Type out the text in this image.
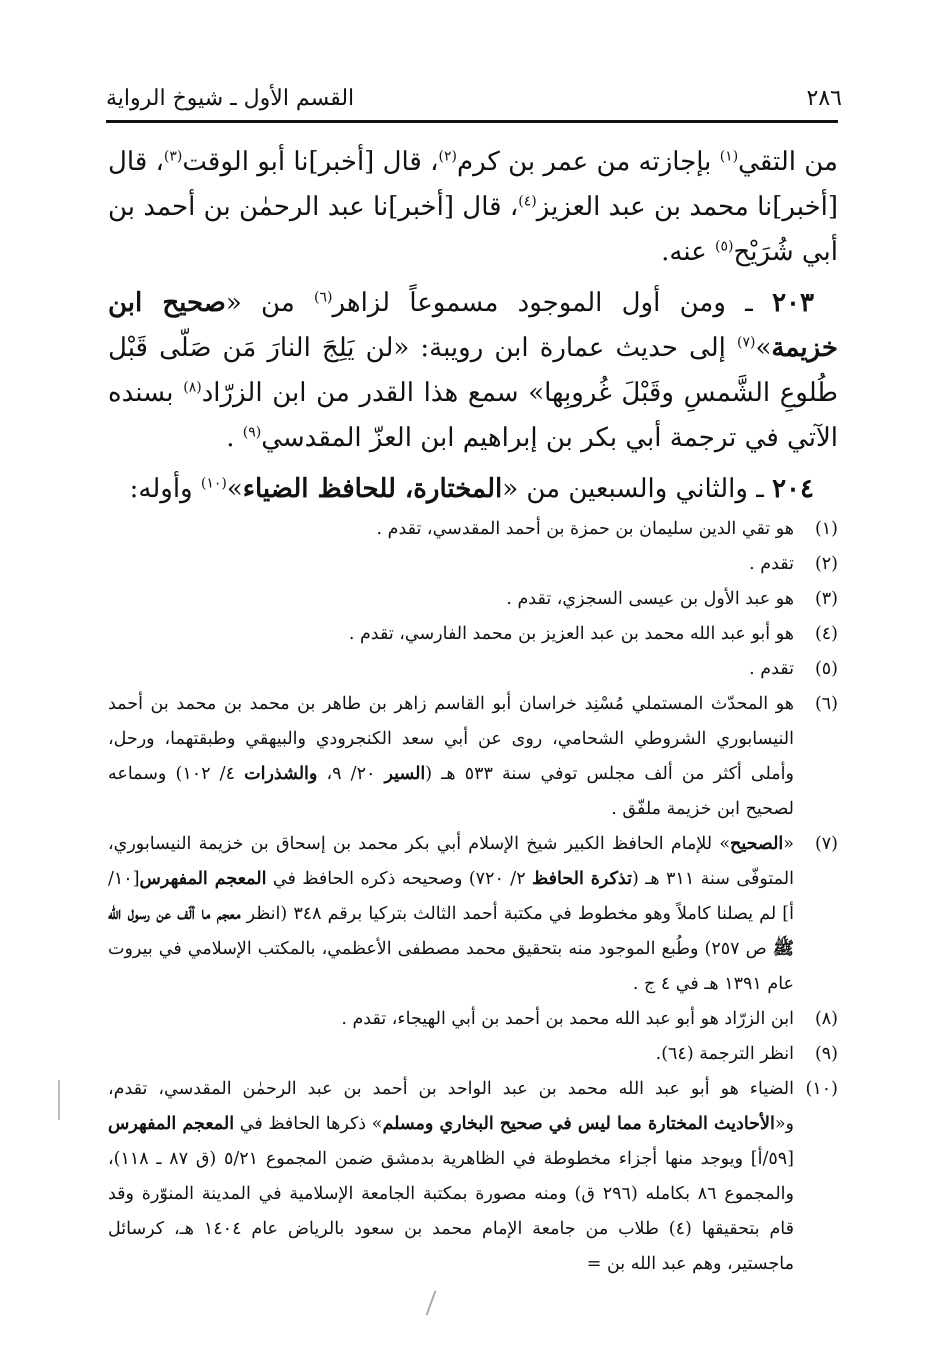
٢٨٦
القسم الأول ـ شيوخ الرواية

من التقي$^{(١)}$ بإجازته من عمر بن كرم$^{(٢)}$، قال [أخبر]نا أبو الوقت$^{(٣)}$، قال [أخبر]نا محمد بن عبد العزيز$^{(٤)}$، قال [أخبر]نا عبد الرحمٰن بن أحمد بن أبي شُرَيْح$^{(٥)}$ عنه.

٢٠٣ ـ ومن أول الموجود مسموعاً لزاهر$^{(٦)}$ من «صحيح ابن خزيمة»$^{(٧)}$ إلى حديث عمارة ابن رويبة: «لن يَلِجَ النارَ مَن صَلّى قَبْل طُلوعِ الشَّمسِ وقَبْلَ غُروبِها» سمع هذا القدر من ابن الزرّاد$^{(٨)}$ بسنده الآتي في ترجمة أبي بكر بن إبراهيم ابن العزّ المقدسي$^{(٩)}$ .

٢٠٤ ـ والثاني والسبعين من «المختارة، للحافظ الضياء»$^{(١٠)}$ وأوله:

(١)
هو تقي الدين سليمان بن حمزة بن أحمد المقدسي، تقدم .
(٢)
تقدم .
(٣)
هو عبد الأول بن عيسى السجزي، تقدم .
(٤)
هو أبو عبد الله محمد بن عبد العزيز بن محمد الفارسي، تقدم .
(٥)
تقدم .
(٦)
هو المحدّث المستملي مُسْنِد خراسان أبو القاسم زاهر بن طاهر بن محمد بن محمد بن أحمد النيسابوري الشروطي الشحامي، روى عن أبي سعد الكنجرودي والبيهقي وطبقتهما، ورحل، وأملى أكثر من ألف مجلس توفي سنة ٥٣٣ هـ (السير ٢٠/ ٩، والشذرات ٤/ ١٠٢) وسماعه لصحيح ابن خزيمة ملفّق .
(٧)
«الصحيح» للإمام الحافظ الكبير شيخ الإسلام أبي بكر محمد بن إسحاق بن خزيمة النيسابوري، المتوفّى سنة ٣١١ هـ (تذكرة الحافظ ٢/ ٧٢٠) وصحيحه ذكره الحافظ في المعجم المفهرس[١٠/أ] لم يصلنا كاملاً وهو مخطوط في مكتبة أحمد الثالث بتركيا برقم ٣٤٨ (انظر معجم ما ألّف عن رسول الله ﷺ ص ٢٥٧) وطُبع الموجود منه بتحقيق محمد مصطفى الأعظمي، بالمكتب الإسلامي في بيروت عام ١٣٩١ هـ في ٤ ج .
(٨)
ابن الزرّاد هو أبو عبد الله محمد بن أحمد بن أبي الهيجاء، تقدم .
(٩)
انظر الترجمة (٦٤).
(١٠)
الضياء هو أبو عبد الله محمد بن عبد الواحد بن أحمد بن عبد الرحمٰن المقدسي، تقدم، و«الأحاديث المختارة مما ليس في صحيح البخاري ومسلم» ذكرها الحافظ في المعجم المفهرس [٥٩/أ] ويوجد منها أجزاء مخطوطة في الظاهرية بدمشق ضمن المجموع ٥/٢١ (ق ٨٧ ـ ١١٨)، والمجموع ٨٦ بكامله (٢٩٦ ق) ومنه مصورة بمكتبة الجامعة الإسلامية في المدينة المنوّرة وقد قام بتحقيقها (٤) طلاب من جامعة الإمام محمد بن سعود بالرياض عام ١٤٠٤ هـ، كرسائل ماجستير، وهم عبد الله بن =
